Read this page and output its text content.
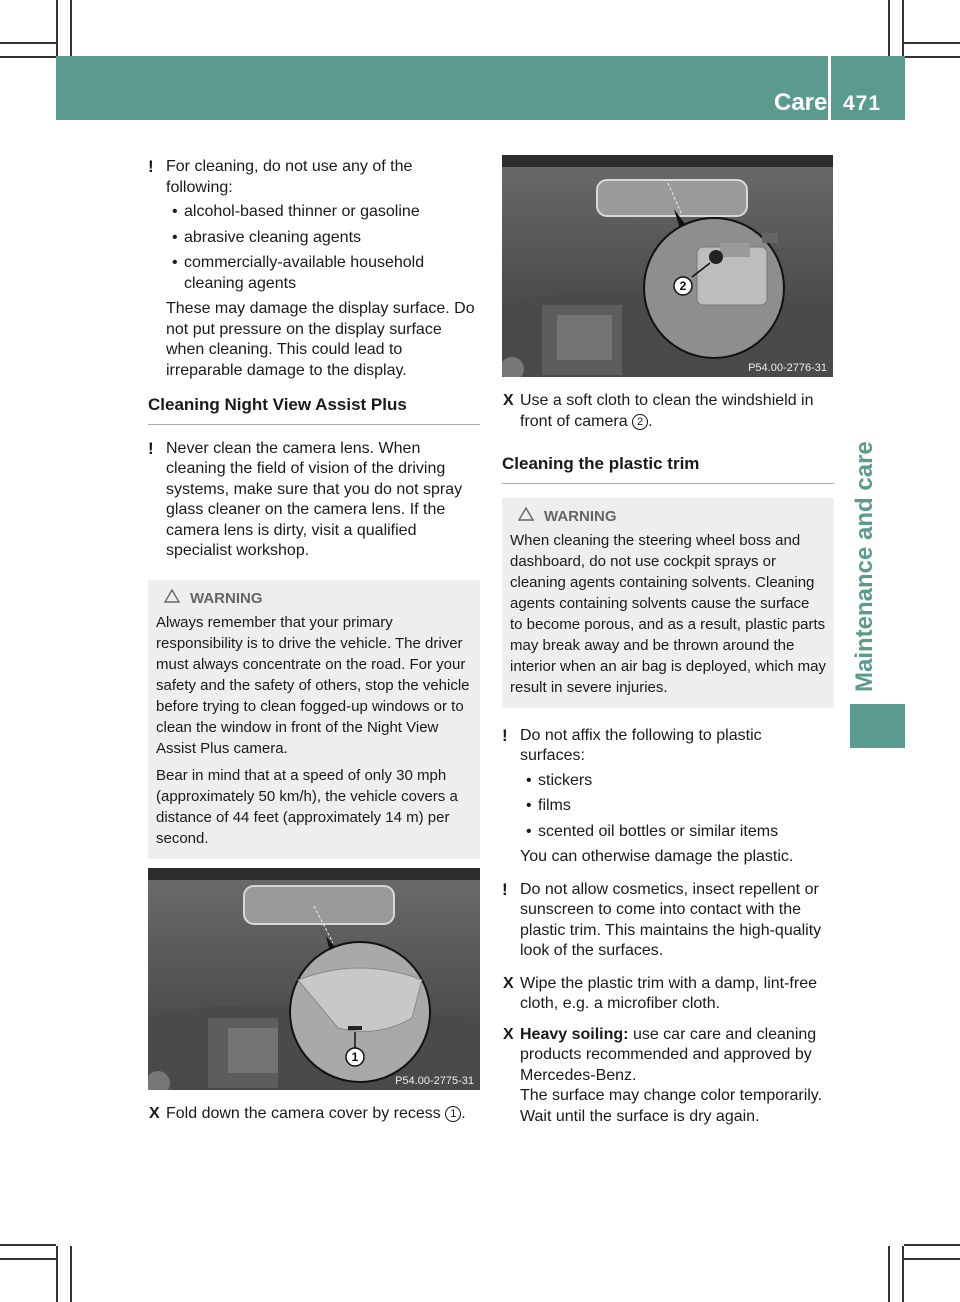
Care 471
Maintenance and care
! For cleaning, do not use any of the following:
• alcohol-based thinner or gasoline
• abrasive cleaning agents
• commercially-available household cleaning agents
These may damage the display surface. Do not put pressure on the display surface when cleaning. This could lead to irreparable damage to the display.
Cleaning Night View Assist Plus
! Never clean the camera lens. When cleaning the field of vision of the driving systems, make sure that you do not spray glass cleaner on the camera lens. If the camera lens is dirty, visit a qualified specialist workshop.
WARNING

Always remember that your primary responsibility is to drive the vehicle. The driver must always concentrate on the road. For your safety and the safety of others, stop the vehicle before trying to clean fogged-up windows or to clean the window in front of the Night View Assist Plus camera.

Bear in mind that at a speed of only 30 mph (approximately 50 km/h), the vehicle covers a distance of 44 feet (approximately 14 m) per second.

1
P54.00-2775-31
X Fold down the camera cover by recess 1 .
2
P54.00-2776-31
X Use a soft cloth to clean the windshield in front of camera 2 .
Cleaning the plastic trim
WARNING

When cleaning the steering wheel boss and dashboard, do not use cockpit sprays or cleaning agents containing solvents. Cleaning agents containing solvents cause the surface to become porous, and as a result, plastic parts may break away and be thrown around the interior when an air bag is deployed, which may result in severe injuries.

! Do not affix the following to plastic surfaces:
• stickers
• films
• scented oil bottles or similar items
You can otherwise damage the plastic.
! Do not allow cosmetics, insect repellent or sunscreen to come into contact with the plastic trim. This maintains the high-quality look of the surfaces.
X Wipe the plastic trim with a damp, lint-free cloth, e.g. a microfiber cloth.
X Heavy soiling: use car care and cleaning products recommended and approved by Mercedes-Benz.
The surface may change color temporarily. Wait until the surface is dry again.
